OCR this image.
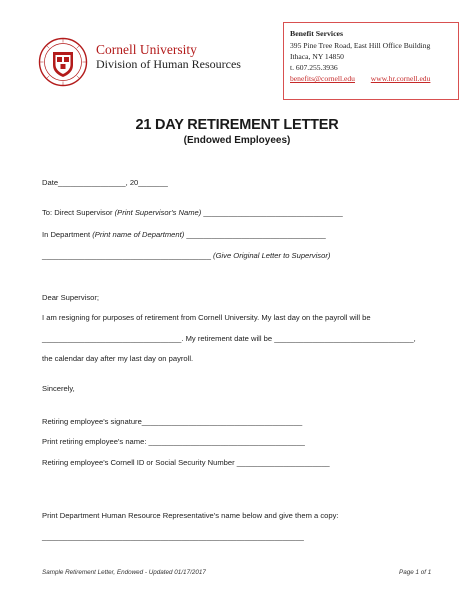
Cornell University
Division of Human Resources
Benefit Services
395 Pine Tree Road, East Hill Office Building
Ithaca, NY 14850
t. 607.255.3936
benefits@cornell.edu www.hr.cornell.edu
21 DAY RETIREMENT LETTER
(Endowed Employees)
Date________________, 20_______
To: Direct Supervisor (Print Supervisor's Name) _________________________________
In Department (Print name of Department) _________________________________
________________________________________ (Give Original Letter to Supervisor)
Dear Supervisor;
I am resigning for purposes of retirement from Cornell University. My last day on the payroll will be
_________________________________. My retirement date will be _________________________________,
the calendar day after my last day on payroll.
Sincerely,
Retiring employee's signature______________________________________
Print retiring employee's name: _____________________________________
Retiring employee's Cornell ID or Social Security Number ______________________
Print Department Human Resource Representative's name below and give them a copy:
______________________________________________________________
Sample Retirement Letter, Endowed - Updated 01/17/2017	Page 1 of 1
